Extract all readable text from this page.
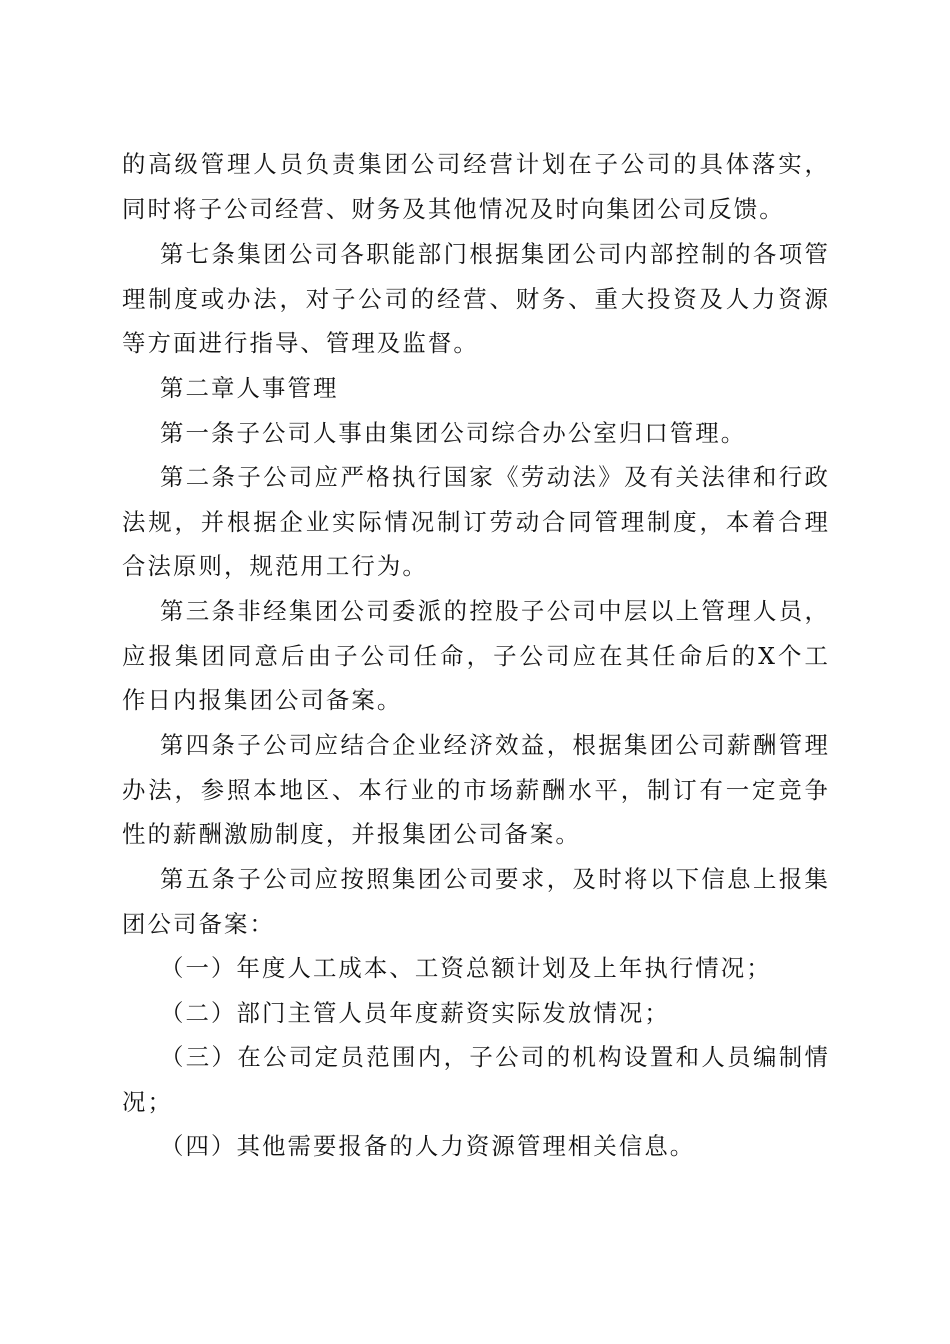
的高级管理人员负责集团公司经营计划在子公司的具体落实，
同时将子公司经营、财务及其他情况及时向集团公司反馈。
第七条集团公司各职能部门根据集团公司内部控制的各项管
理制度或办法，对子公司的经营、财务、重大投资及人力资源
等方面进行指导、管理及监督。
第二章人事管理
第一条子公司人事由集团公司综合办公室归口管理。
第二条子公司应严格执行国家《劳动法》及有关法律和行政
法规，并根据企业实际情况制订劳动合同管理制度，本着合理
合法原则，规范用工行为。
第三条非经集团公司委派的控股子公司中层以上管理人员，
应报集团同意后由子公司任命，子公司应在其任命后的X个工
作日内报集团公司备案。
第四条子公司应结合企业经济效益，根据集团公司薪酬管理
办法，参照本地区、本行业的市场薪酬水平，制订有一定竞争
性的薪酬激励制度，并报集团公司备案。
第五条子公司应按照集团公司要求，及时将以下信息上报集
团公司备案：
（一）年度人工成本、工资总额计划及上年执行情况；
（二）部门主管人员年度薪资实际发放情况；
（三）在公司定员范围内，子公司的机构设置和人员编制情
况；
（四）其他需要报备的人力资源管理相关信息。
